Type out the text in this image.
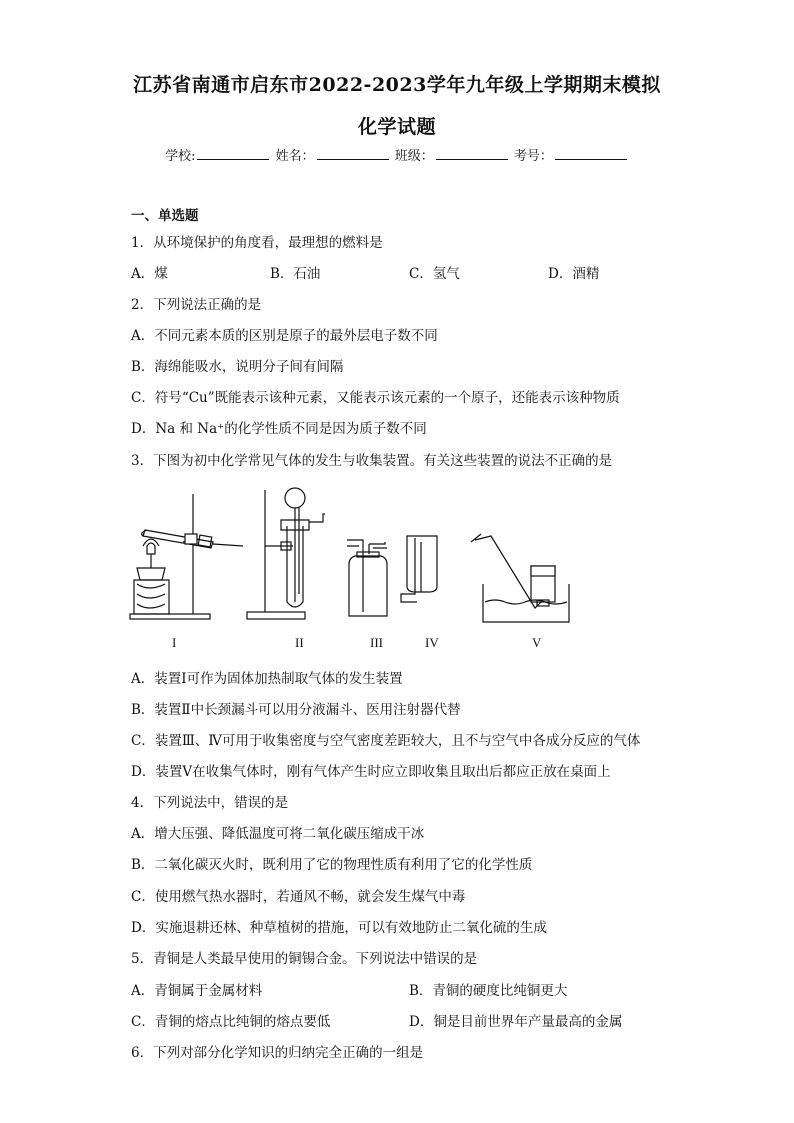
江苏省南通市启东市2022-2023学年九年级上学期期末模拟
化学试题
学校:	姓名：	班级：	考号：
一、单选题
1．从环境保护的角度看，最理想的燃料是
A．煤	B．石油	C．氢气	D．酒精
2．下列说法正确的是
A．不同元素本质的区别是原子的最外层电子数不同
B．海绵能吸水，说明分子间有间隔
C．符号“Cu”既能表示该种元素，又能表示该元素的一个原子，还能表示该种物质
D．Na 和 Na⁺的化学性质不同是因为质子数不同
3．下图为初中化学常见气体的发生与收集装置。有关这些装置的说法不正确的是
I	II	III	IV	V
A．装置Ⅰ可作为固体加热制取气体的发生装置
B．装置Ⅱ中长颈漏斗可以用分液漏斗、医用注射器代替
C．装置Ⅲ、Ⅳ可用于收集密度与空气密度差距较大，且不与空气中各成分反应的气体
D．装置Ⅴ在收集气体时，刚有气体产生时应立即收集且取出后都应正放在桌面上
4．下列说法中，错误的是
A．增大压强、降低温度可将二氧化碳压缩成干冰
B．二氧化碳灭火时，既利用了它的物理性质有利用了它的化学性质
C．使用燃气热水器时，若通风不畅，就会发生煤气中毒
D．实施退耕还林、种草植树的措施，可以有效地防止二氧化硫的生成
5．青铜是人类最早使用的铜锡合金。下列说法中错误的是
A．青铜属于金属材料	B．青铜的硬度比纯铜更大
C．青铜的熔点比纯铜的熔点要低	D．铜是目前世界年产量最高的金属
6．下列对部分化学知识的归纳完全正确的一组是
